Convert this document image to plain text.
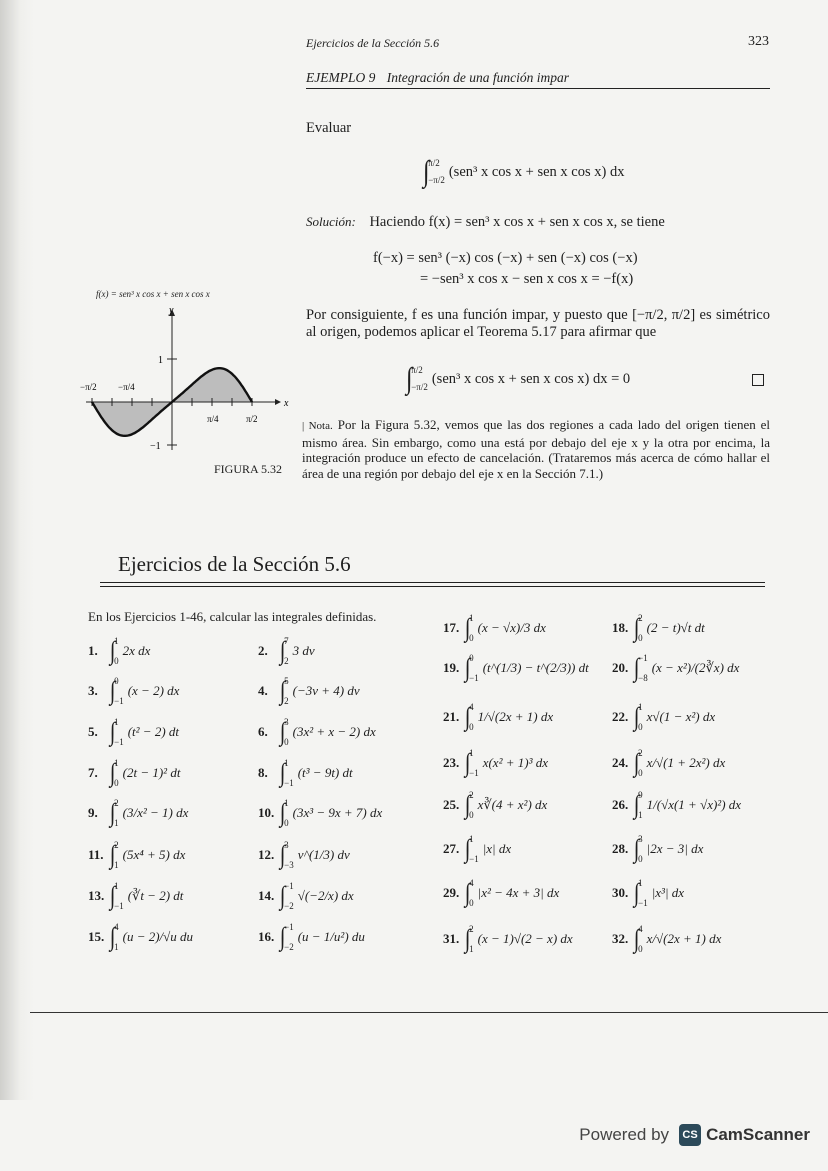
Ejercicios de la Sección 5.6	323
EJEMPLO 9 Integración de una función impar
Evaluar
∫
π/2
−π/2
(sen³ x cos x + sen x cos x) dx
Solución: Haciendo f(x) = sen³ x cos x + sen x cos x, se tiene
f(−x) = sen³ (−x) cos (−x) + sen (−x) cos (−x)
= −sen³ x cos x − sen x cos x = −f(x)
Por consiguiente, f es una función impar, y puesto que [−π/2, π/2] es simétrico al origen, podemos aplicar el Teorema 5.17 para afirmar que
∫
π/2
−π/2
(sen³ x cos x + sen x cos x) dx = 0
| Nota. Por la Figura 5.32, vemos que las dos regiones a cada lado del origen tienen el mismo área. Sin embargo, como una está por debajo del eje x y la otra por encima, la integración produce un efecto de cancelación. (Trataremos más acerca de cómo hallar el área de una región por debajo del eje x en la Sección 7.1.)
f(x) = sen³ x cos x + sen x cos x
x
y
1
−1
−π/2 −π/4
π/4	π/2
FIGURA 5.32
Ejercicios de la Sección 5.6
En los Ejercicios 1-46, calcular las integrales definidas.
1. ∫
1
0
2x dx	2. ∫
7
2
3 dv
3. ∫
0
−1
(x − 2) dx	4. ∫
5
2
(−3v + 4) dv
5. ∫
1
−1
(t² − 2) dt	6. ∫
3
0
(3x² + x − 2) dx
7. ∫
1
0
(2t − 1)² dt	8. ∫
1
−1
(t³ − 9t) dt
9. ∫
2
1
(3/x² − 1) dx	10. ∫
1
0
(3x³ − 9x + 7) dx
11. ∫
2
1
(5x⁴ + 5) dx	12. ∫
3
−3
v^(1/3) dv
13. ∫
1
−1
(∛t − 2) dt	14. ∫
−1
−2
√(−2/x) dx
15. ∫
4
1
(u − 2)/√u du	16. ∫
−1
−2
(u − 1/u²) du
17. ∫
1
0
(x − √x)/3 dx	18. ∫
2
0
(2 − t)√t dt
19. ∫
0
−1
(t^(1/3) − t^(2/3)) dt 20. ∫
−1
−8
(x − x²)/(2∛x) dx
21. ∫
4
0
1/√(2x + 1) dx	22. ∫
1
0
x√(1 − x²) dx
23. ∫
1
−1
x(x² + 1)³ dx	24. ∫
2
0
x/√(1 + 2x²) dx
25. ∫
2
0
x∛(4 + x²) dx	26. ∫
9
1
1/(√x(1 + √x)²) dx
27. ∫
1
−1
|x| dx	28. ∫
3
0
|2x − 3| dx
29. ∫
4
0
|x² − 4x + 3| dx	30. ∫
1
−1
|x³| dx
31. ∫
2
1
(x − 1)√(2 − x) dx	32. ∫
4
0
x/√(2x + 1) dx
Powered by	CS CamScanner
